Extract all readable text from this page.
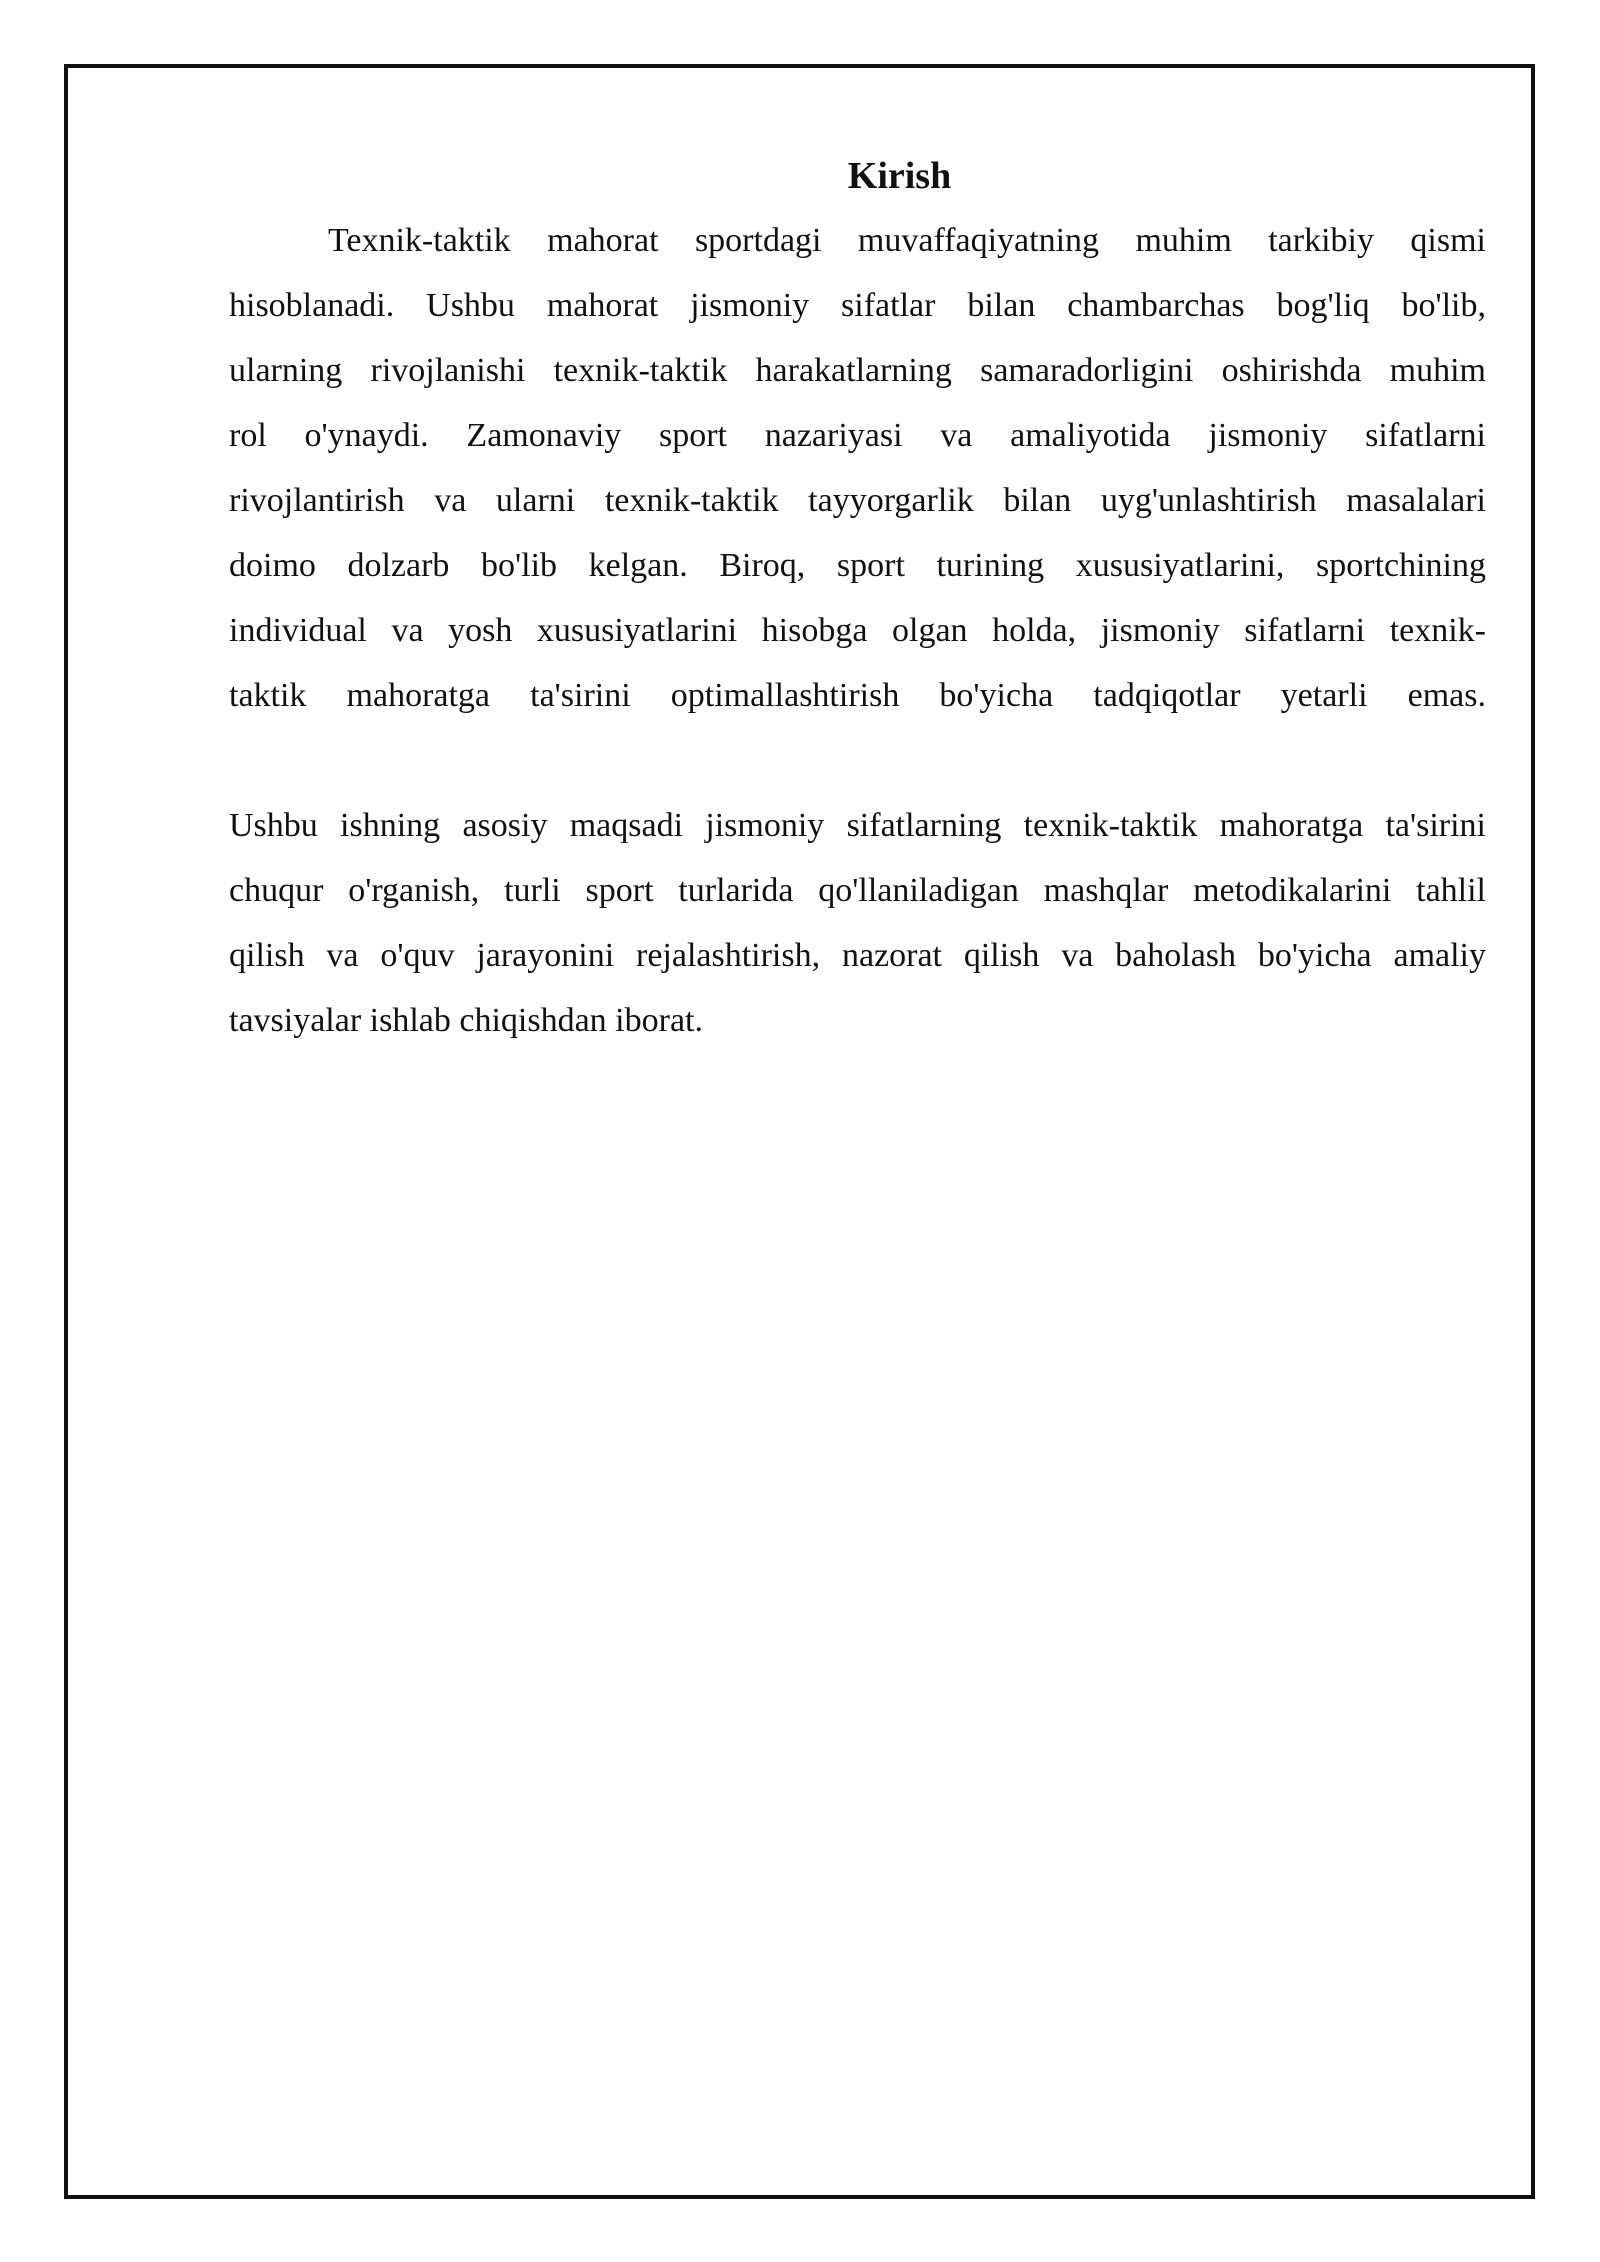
Kirish
Texnik-taktik mahorat sportdagi muvaffaqiyatning muhim tarkibiy qismi
hisoblanadi. Ushbu mahorat jismoniy sifatlar bilan chambarchas bog'liq bo'lib,
ularning rivojlanishi texnik-taktik harakatlarning samaradorligini oshirishda muhim
rol o'ynaydi. Zamonaviy sport nazariyasi va amaliyotida jismoniy sifatlarni
rivojlantirish va ularni texnik-taktik tayyorgarlik bilan uyg'unlashtirish masalalari
doimo dolzarb bo'lib kelgan. Biroq, sport turining xususiyatlarini, sportchining
individual va yosh xususiyatlarini hisobga olgan holda, jismoniy sifatlarni texnik-
taktik mahoratga ta'sirini optimallashtirish bo'yicha tadqiqotlar yetarli emas.
Ushbu ishning asosiy maqsadi jismoniy sifatlarning texnik-taktik mahoratga ta'sirini
chuqur o'rganish, turli sport turlarida qo'llaniladigan mashqlar metodikalarini tahlil
qilish va o'quv jarayonini rejalashtirish, nazorat qilish va baholash bo'yicha amaliy
tavsiyalar ishlab chiqishdan iborat.
